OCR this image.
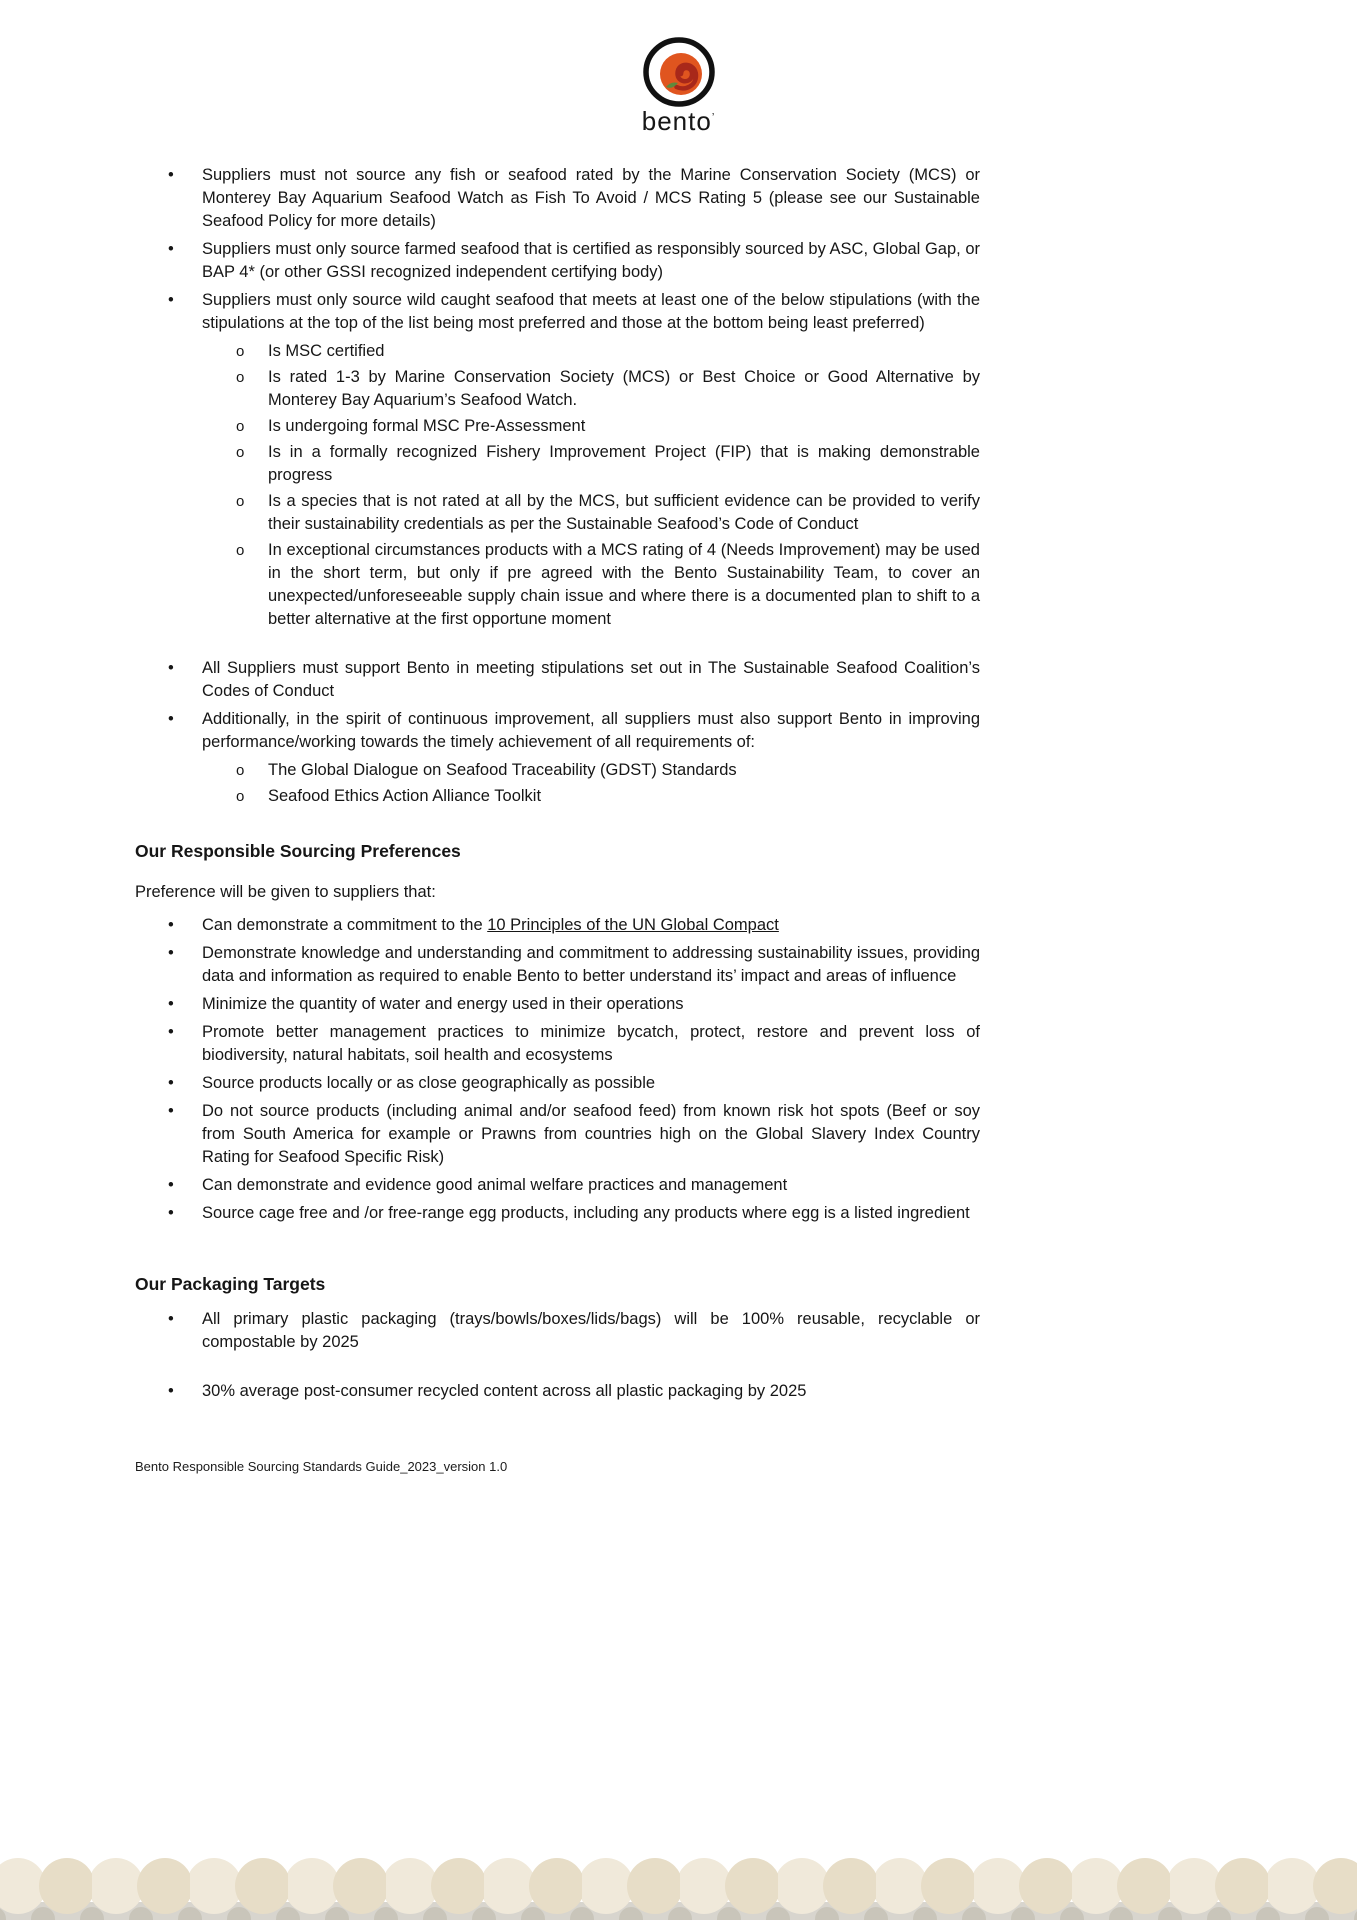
bento’
•	Suppliers must not source any fish or seafood rated by the Marine Conservation Society (MCS) or Monterey Bay Aquarium Seafood Watch as Fish To Avoid / MCS Rating 5 (please see our Sustainable Seafood Policy for more details)
•	Suppliers must only source farmed seafood that is certified as responsibly sourced by ASC, Global Gap, or BAP 4* (or other GSSI recognized independent certifying body)
•	Suppliers must only source wild caught seafood that meets at least one of the below stipulations (with the stipulations at the top of the list being most preferred and those at the bottom being least preferred)
o	Is MSC certified
o	Is rated 1-3 by Marine Conservation Society (MCS) or Best Choice or Good Alternative by Monterey Bay Aquarium’s Seafood Watch.
o	Is undergoing formal MSC Pre-Assessment
o	Is in a formally recognized Fishery Improvement Project (FIP) that is making demonstrable progress
o	Is a species that is not rated at all by the MCS, but sufficient evidence can be provided to verify their sustainability credentials as per the Sustainable Seafood’s Code of Conduct
o	In exceptional circumstances products with a MCS rating of 4 (Needs Improvement) may be used in the short term, but only if pre agreed with the Bento Sustainability Team, to cover an unexpected/unforeseeable supply chain issue and where there is a documented plan to shift to a better alternative at the first opportune moment
•	All Suppliers must support Bento in meeting stipulations set out in The Sustainable Seafood Coalition’s Codes of Conduct
•	Additionally, in the spirit of continuous improvement, all suppliers must also support Bento in improving performance/working towards the timely achievement of all requirements of:
o	The Global Dialogue on Seafood Traceability (GDST) Standards
o	Seafood Ethics Action Alliance Toolkit
Our Responsible Sourcing Preferences

Preference will be given to suppliers that:

•	Can demonstrate a commitment to the 10 Principles of the UN Global Compact
•	Demonstrate knowledge and understanding and commitment to addressing sustainability issues, providing data and information as required to enable Bento to better understand its’ impact and areas of influence
•	Minimize the quantity of water and energy used in their operations
•	Promote better management practices to minimize bycatch, protect, restore and prevent loss of biodiversity, natural habitats, soil health and ecosystems
•	Source products locally or as close geographically as possible
•	Do not source products (including animal and/or seafood feed) from known risk hot spots (Beef or soy from South America for example or Prawns from countries high on the Global Slavery Index Country Rating for Seafood Specific Risk)
•	Can demonstrate and evidence good animal welfare practices and management
•	Source cage free and /or free-range egg products, including any products where egg is a listed ingredient
Our Packaging Targets
•	All primary plastic packaging (trays/bowls/boxes/lids/bags) will be 100% reusable, recyclable or compostable by 2025
•	30% average post-consumer recycled content across all plastic packaging by 2025
Bento Responsible Sourcing Standards Guide_2023_version 1.0
